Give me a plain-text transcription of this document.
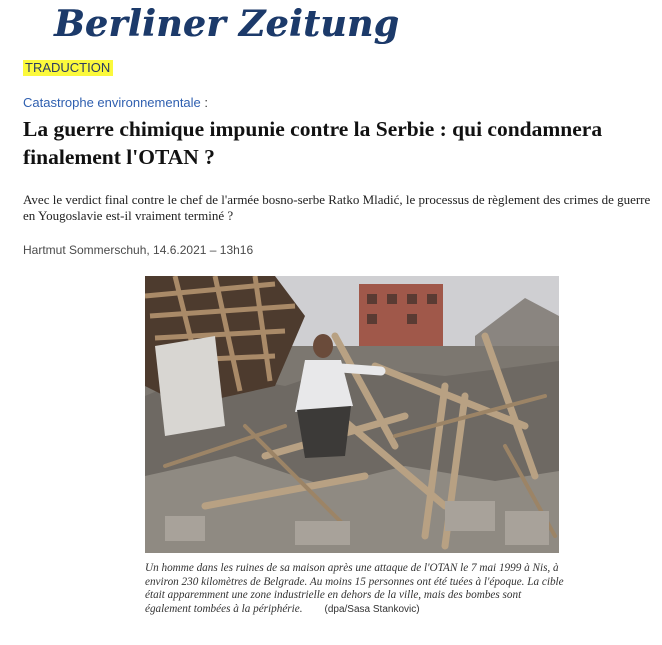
Berliner Zeitung
TRADUCTION
Catastrophe environnementale :
La guerre chimique impunie contre la Serbie : qui condamnera finalement l'OTAN ?

Avec le verdict final contre le chef de l'armée bosno-serbe Ratko Mladić, le processus de règlement des crimes de guerre en Yougoslavie est-il vraiment terminé ?

Hartmut Sommerschuh, 14.6.2021 – 13h16

Un homme dans les ruines de sa maison après une attaque de l'OTAN le 7 mai 1999 à Nis, à environ 230 kilomètres de Belgrade. Au moins 15 personnes ont été tuées à l'époque. La cible était apparemment une zone industrielle en dehors de la ville, mais des bombes sont également tombées à la périphérie. (dpa/Sasa Stankovic)
